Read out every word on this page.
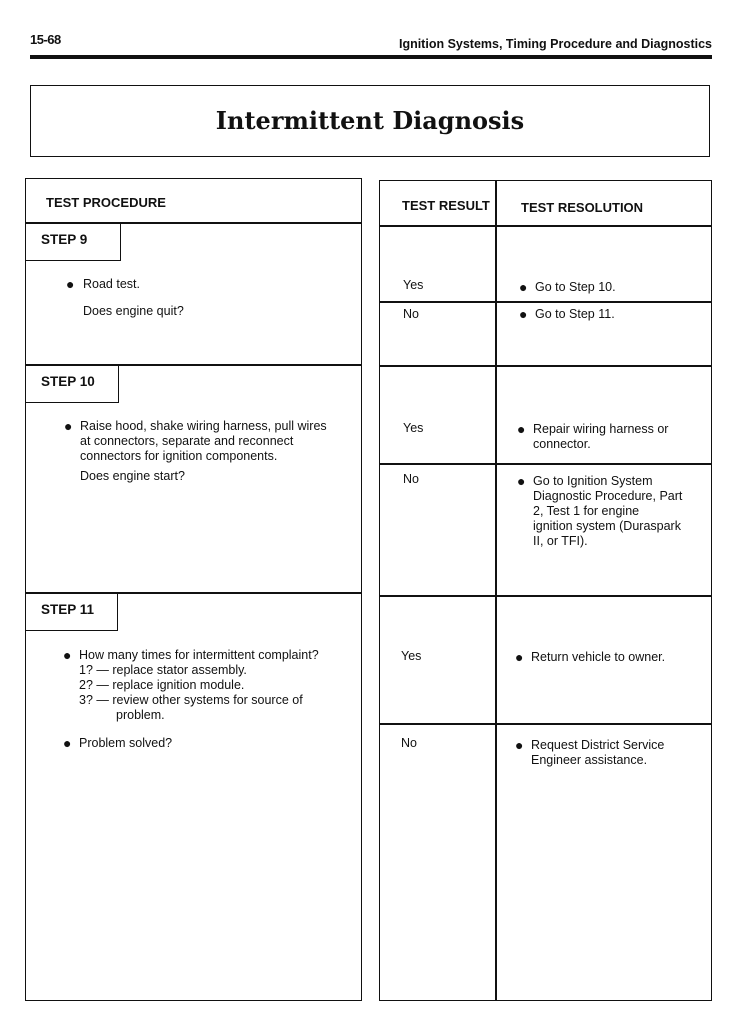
15-68	Ignition Systems, Timing Procedure and Diagnostics
Intermittent Diagnosis
TEST PROCEDURE
STEP 9
● Road test.
Does engine quit?
STEP 10
● Raise hood, shake wiring harness, pull wires
at connectors, separate and reconnect
connectors for ignition components.
Does engine start?
STEP 11
● How many times for intermittent complaint?
1? — replace stator assembly.
2? — replace ignition module.
3? — review other systems for source of
problem.
● Problem solved?
TEST RESULT TEST RESOLUTION
Yes	● Go to Step 10.
No	● Go to Step 11.
Yes	● Repair wiring harness or
connector.
No	● Go to Ignition System
Diagnostic Procedure, Part
2, Test 1 for engine
ignition system (Duraspark
II, or TFI).
Yes	● Return vehicle to owner.
No	● Request District Service
Engineer assistance.
